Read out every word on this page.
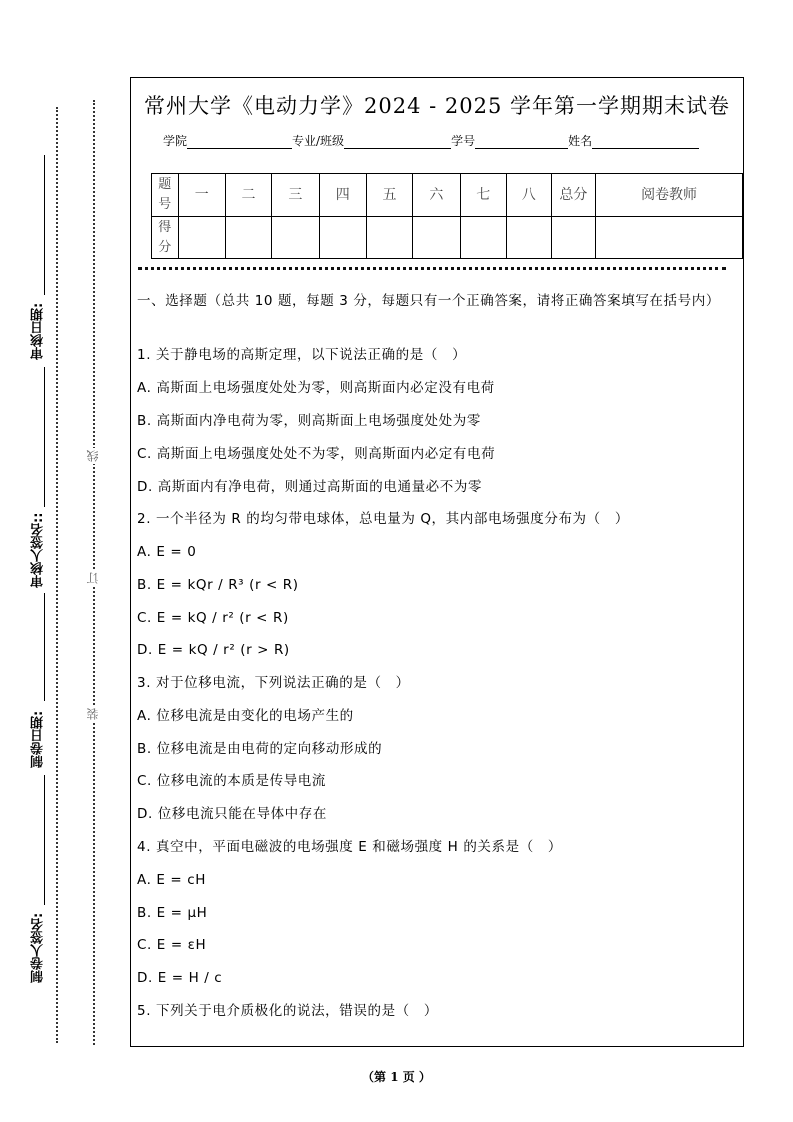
审核日期:
审核人签名::
制卷日期:
制卷人签名:
线
订
装
常州大学《电动力学》2024 - 2025 学年第一学期期末试卷
学院	专业/班级	学号	姓名
题号	一	二	三	四	五	六	七	八	总分	阅卷教师
得分										
一、选择题（总共 10 题，每题 3 分，每题只有一个正确答案，请将正确答案填写在括号内）
1. 关于静电场的高斯定理，以下说法正确的是（　）
A. 高斯面上电场强度处处为零，则高斯面内必定没有电荷
B. 高斯面内净电荷为零，则高斯面上电场强度处处为零
C. 高斯面上电场强度处处不为零，则高斯面内必定有电荷
D. 高斯面内有净电荷，则通过高斯面的电通量必不为零
2. 一个半径为 R 的均匀带电球体，总电量为 Q，其内部电场强度分布为（　）
A. E = 0
B. E = kQr / R³ (r < R)
C. E = kQ / r² (r < R)
D. E = kQ / r² (r > R)
3. 对于位移电流，下列说法正确的是（　）
A. 位移电流是由变化的电场产生的
B. 位移电流是由电荷的定向移动形成的
C. 位移电流的本质是传导电流
D. 位移电流只能在导体中存在
4. 真空中，平面电磁波的电场强度 E 和磁场强度 H 的关系是（　）
A. E = cH
B. E = μH
C. E = εH
D. E = H / c
5. 下列关于电介质极化的说法，错误的是（　）
（第 1 页 ）
